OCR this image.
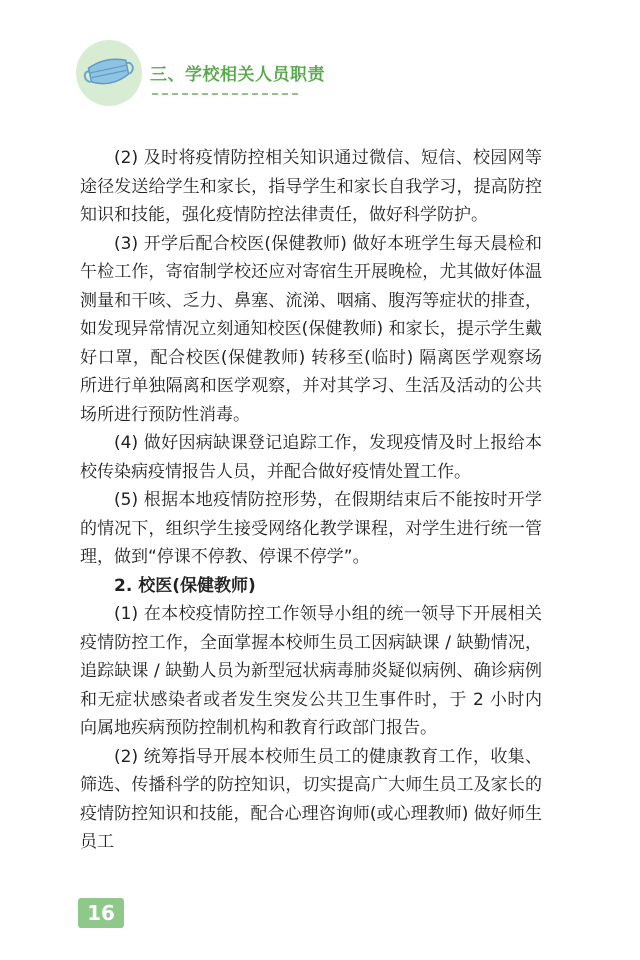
三、学校相关人员职责

(2) 及时将疫情防控相关知识通过微信、短信、校园网等途径发送给学生和家长，指导学生和家长自我学习，提高防控知识和技能，强化疫情防控法律责任，做好科学防护。

(3) 开学后配合校医(保健教师) 做好本班学生每天晨检和午检工作，寄宿制学校还应对寄宿生开展晚检，尤其做好体温测量和干咳、乏力、鼻塞、流涕、咽痛、腹泻等症状的排查，如发现异常情况立刻通知校医(保健教师) 和家长，提示学生戴好口罩，配合校医(保健教师) 转移至(临时) 隔离医学观察场所进行单独隔离和医学观察，并对其学习、生活及活动的公共场所进行预防性消毒。

(4) 做好因病缺课登记追踪工作，发现疫情及时上报给本校传染病疫情报告人员，并配合做好疫情处置工作。

(5) 根据本地疫情防控形势，在假期结束后不能按时开学的情况下，组织学生接受网络化教学课程，对学生进行统一管理，做到“停课不停教、停课不停学”。

2. 校医(保健教师)

(1) 在本校疫情防控工作领导小组的统一领导下开展相关疫情防控工作，全面掌握本校师生员工因病缺课 / 缺勤情况，追踪缺课 / 缺勤人员为新型冠状病毒肺炎疑似病例、确诊病例和无症状感染者或者发生突发公共卫生事件时，于 2 小时内向属地疾病预防控制机构和教育行政部门报告。

(2) 统筹指导开展本校师生员工的健康教育工作，收集、筛选、传播科学的防控知识，切实提高广大师生员工及家长的疫情防控知识和技能，配合心理咨询师(或心理教师) 做好师生员工

16
